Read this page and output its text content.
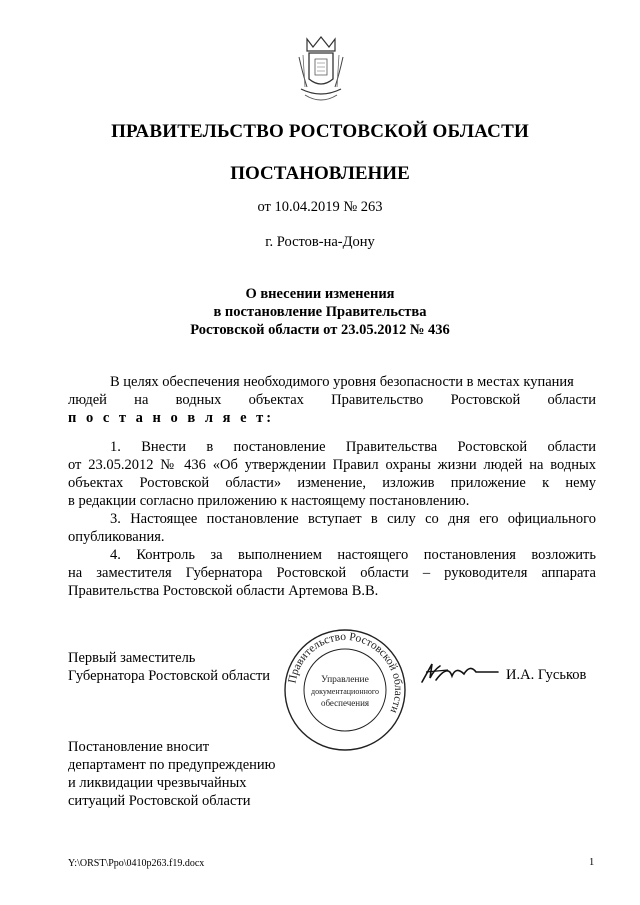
ПРАВИТЕЛЬСТВО РОСТОВСКОЙ ОБЛАСТИ
ПОСТАНОВЛЕНИЕ
от 10.04.2019 № 263
г. Ростов-на-Дону
О внесении изменения
в постановление Правительства
Ростовской области от 23.05.2012 № 436
В целях обеспечения необходимого уровня безопасности в местах купания
людей на водных объектах Правительство Ростовской области
п о с т а н о в л я е т:
1. Внести в постановление Правительства Ростовской области
от 23.05.2012 № 436 «Об утверждении Правил охраны жизни людей на водных
объектах Ростовской области» изменение, изложив приложение к нему
в редакции согласно приложению к настоящему постановлению.
3. Настоящее постановление вступает в силу со дня его официального
опубликования.
4. Контроль за выполнением настоящего постановления возложить
на заместителя Губернатора Ростовской области – руководителя аппарата
Правительства Ростовской области Артемова В.В.
Первый заместитель
Губернатора Ростовской области Правительство Ростовской области
Управление
документационного
обеспечения
И.А. Гуськов
Постановление вносит
департамент по предупреждению
и ликвидации чрезвычайных
ситуаций Ростовской области
Y:\ORST\Ppo\0410p263.f19.docx	1
